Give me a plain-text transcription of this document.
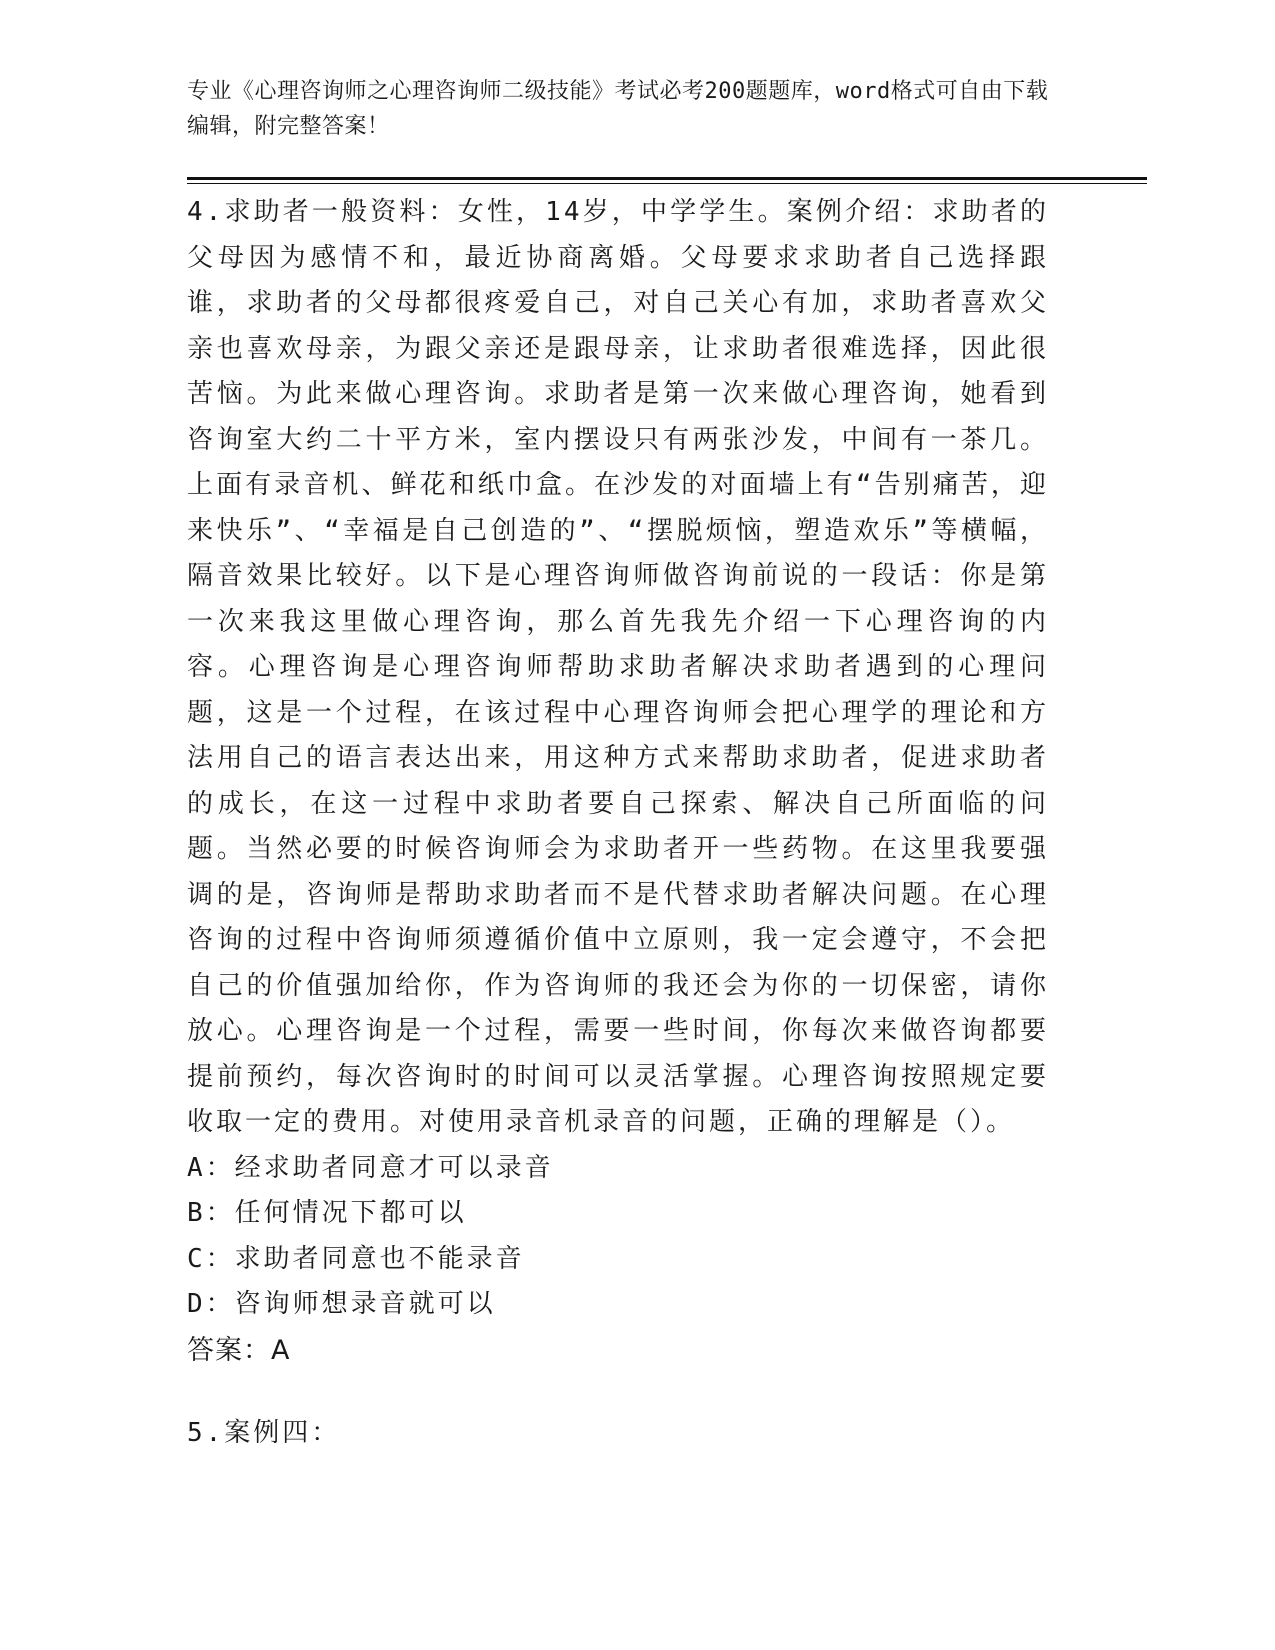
专业《心理咨询师之心理咨询师二级技能》考试必考200题题库，word格式可自由下载编辑，附完整答案！

4.求助者一般资料：女性，14岁，中学学生。案例介绍：求助者的父母因为感情不和，最近协商离婚。父母要求求助者自己选择跟谁，求助者的父母都很疼爱自己，对自己关心有加，求助者喜欢父亲也喜欢母亲，为跟父亲还是跟母亲，让求助者很难选择，因此很苦恼。为此来做心理咨询。求助者是第一次来做心理咨询，她看到咨询室大约二十平方米，室内摆设只有两张沙发，中间有一茶几。上面有录音机、鲜花和纸巾盒。在沙发的对面墙上有“告别痛苦，迎来快乐”、“幸福是自己创造的”、“摆脱烦恼，塑造欢乐”等横幅，隔音效果比较好。以下是心理咨询师做咨询前说的一段话：你是第一次来我这里做心理咨询，那么首先我先介绍一下心理咨询的内容。心理咨询是心理咨询师帮助求助者解决求助者遇到的心理问题，这是一个过程，在该过程中心理咨询师会把心理学的理论和方法用自己的语言表达出来，用这种方式来帮助求助者，促进求助者的成长，在这一过程中求助者要自己探索、解决自己所面临的问题。当然必要的时候咨询师会为求助者开一些药物。在这里我要强调的是，咨询师是帮助求助者而不是代替求助者解决问题。在心理咨询的过程中咨询师须遵循价值中立原则，我一定会遵守，不会把自己的价值强加给你，作为咨询师的我还会为你的一切保密，请你放心。心理咨询是一个过程，需要一些时间，你每次来做咨询都要提前预约，每次咨询时的时间可以灵活掌握。心理咨询按照规定要收取一定的费用。对使用录音机录音的问题，正确的理解是（）。

A：经求助者同意才可以录音

B：任何情况下都可以

C：求助者同意也不能录音

D：咨询师想录音就可以

答案：A

5.案例四：
